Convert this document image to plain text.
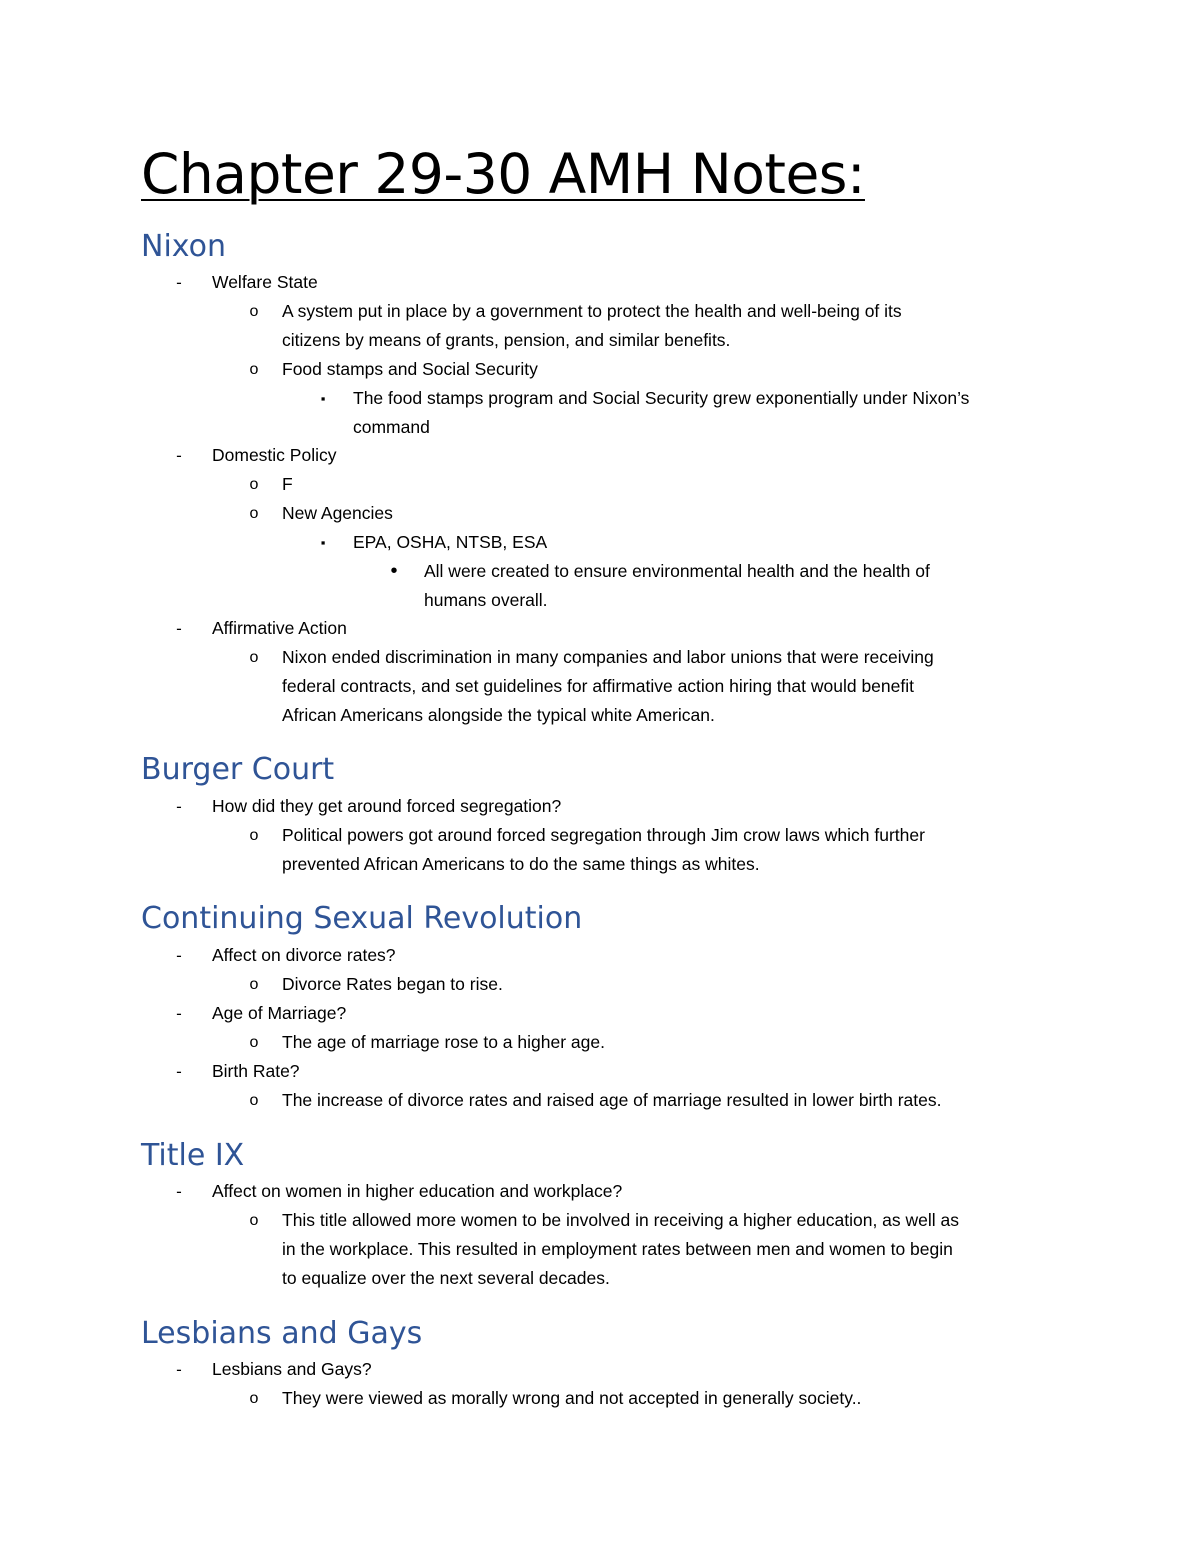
Chapter 29-30 AMH Notes:
Nixon
- Welfare State
o A system put in place by a government to protect the health and well-being of its
citizens by means of grants, pension, and similar benefits.
o Food stamps and Social Security
▪ The food stamps program and Social Security grew exponentially under Nixon’s
command
- Domestic Policy
o F
o New Agencies
▪ EPA, OSHA, NTSB, ESA
• All were created to ensure environmental health and the health of
humans overall.
- Affirmative Action
o Nixon ended discrimination in many companies and labor unions that were receiving
federal contracts, and set guidelines for affirmative action hiring that would benefit
African Americans alongside the typical white American.
Burger Court
- How did they get around forced segregation?
o Political powers got around forced segregation through Jim crow laws which further
prevented African Americans to do the same things as whites.
Continuing Sexual Revolution
- Affect on divorce rates?
o Divorce Rates began to rise.
- Age of Marriage?
o The age of marriage rose to a higher age.
- Birth Rate?
o The increase of divorce rates and raised age of marriage resulted in lower birth rates.
Title IX
- Affect on women in higher education and workplace?
o This title allowed more women to be involved in receiving a higher education, as well as
in the workplace. This resulted in employment rates between men and women to begin
to equalize over the next several decades.
Lesbians and Gays
- Lesbians and Gays?
o They were viewed as morally wrong and not accepted in generally society..
